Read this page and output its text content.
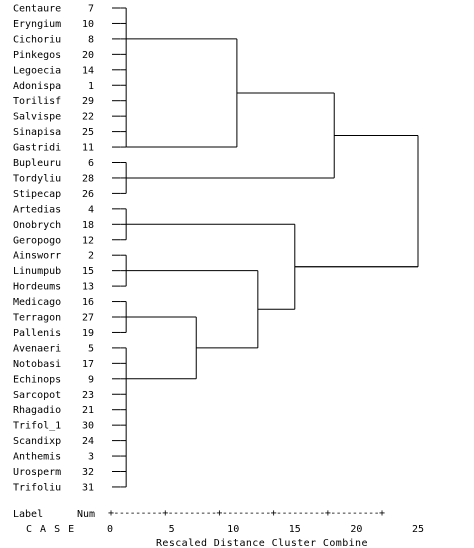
Centaure	7
Eryngium 10
Cichoriu	8
Pinkegos 20
Legoecia 14
Adonispa	1
Torilisf 29
Salvispe 22
Sinapisa 25
Gastridi 11
Bupleuru	6
Tordyliu 28
Stipecap 26
Artedias	4
Onobrych 18
Geropogo 12
Ainsworr	2
Linumpub 15
Hordeums 13
Medicago 16
Terragon 27
Pallenis 19
Avenaeri	5
Notobasi 17
Echinops	9
Sarcopot 23
Rhagadio 21
Trifol_1 30
Scandixp 24
Anthemis	3
Urosperm 32
Trifoliu 31
+---------+---------+---------+---------+---------+
Rescaled Distance Cluster Combine
0	5	10	15	20	25
Label	Num
C A S E
